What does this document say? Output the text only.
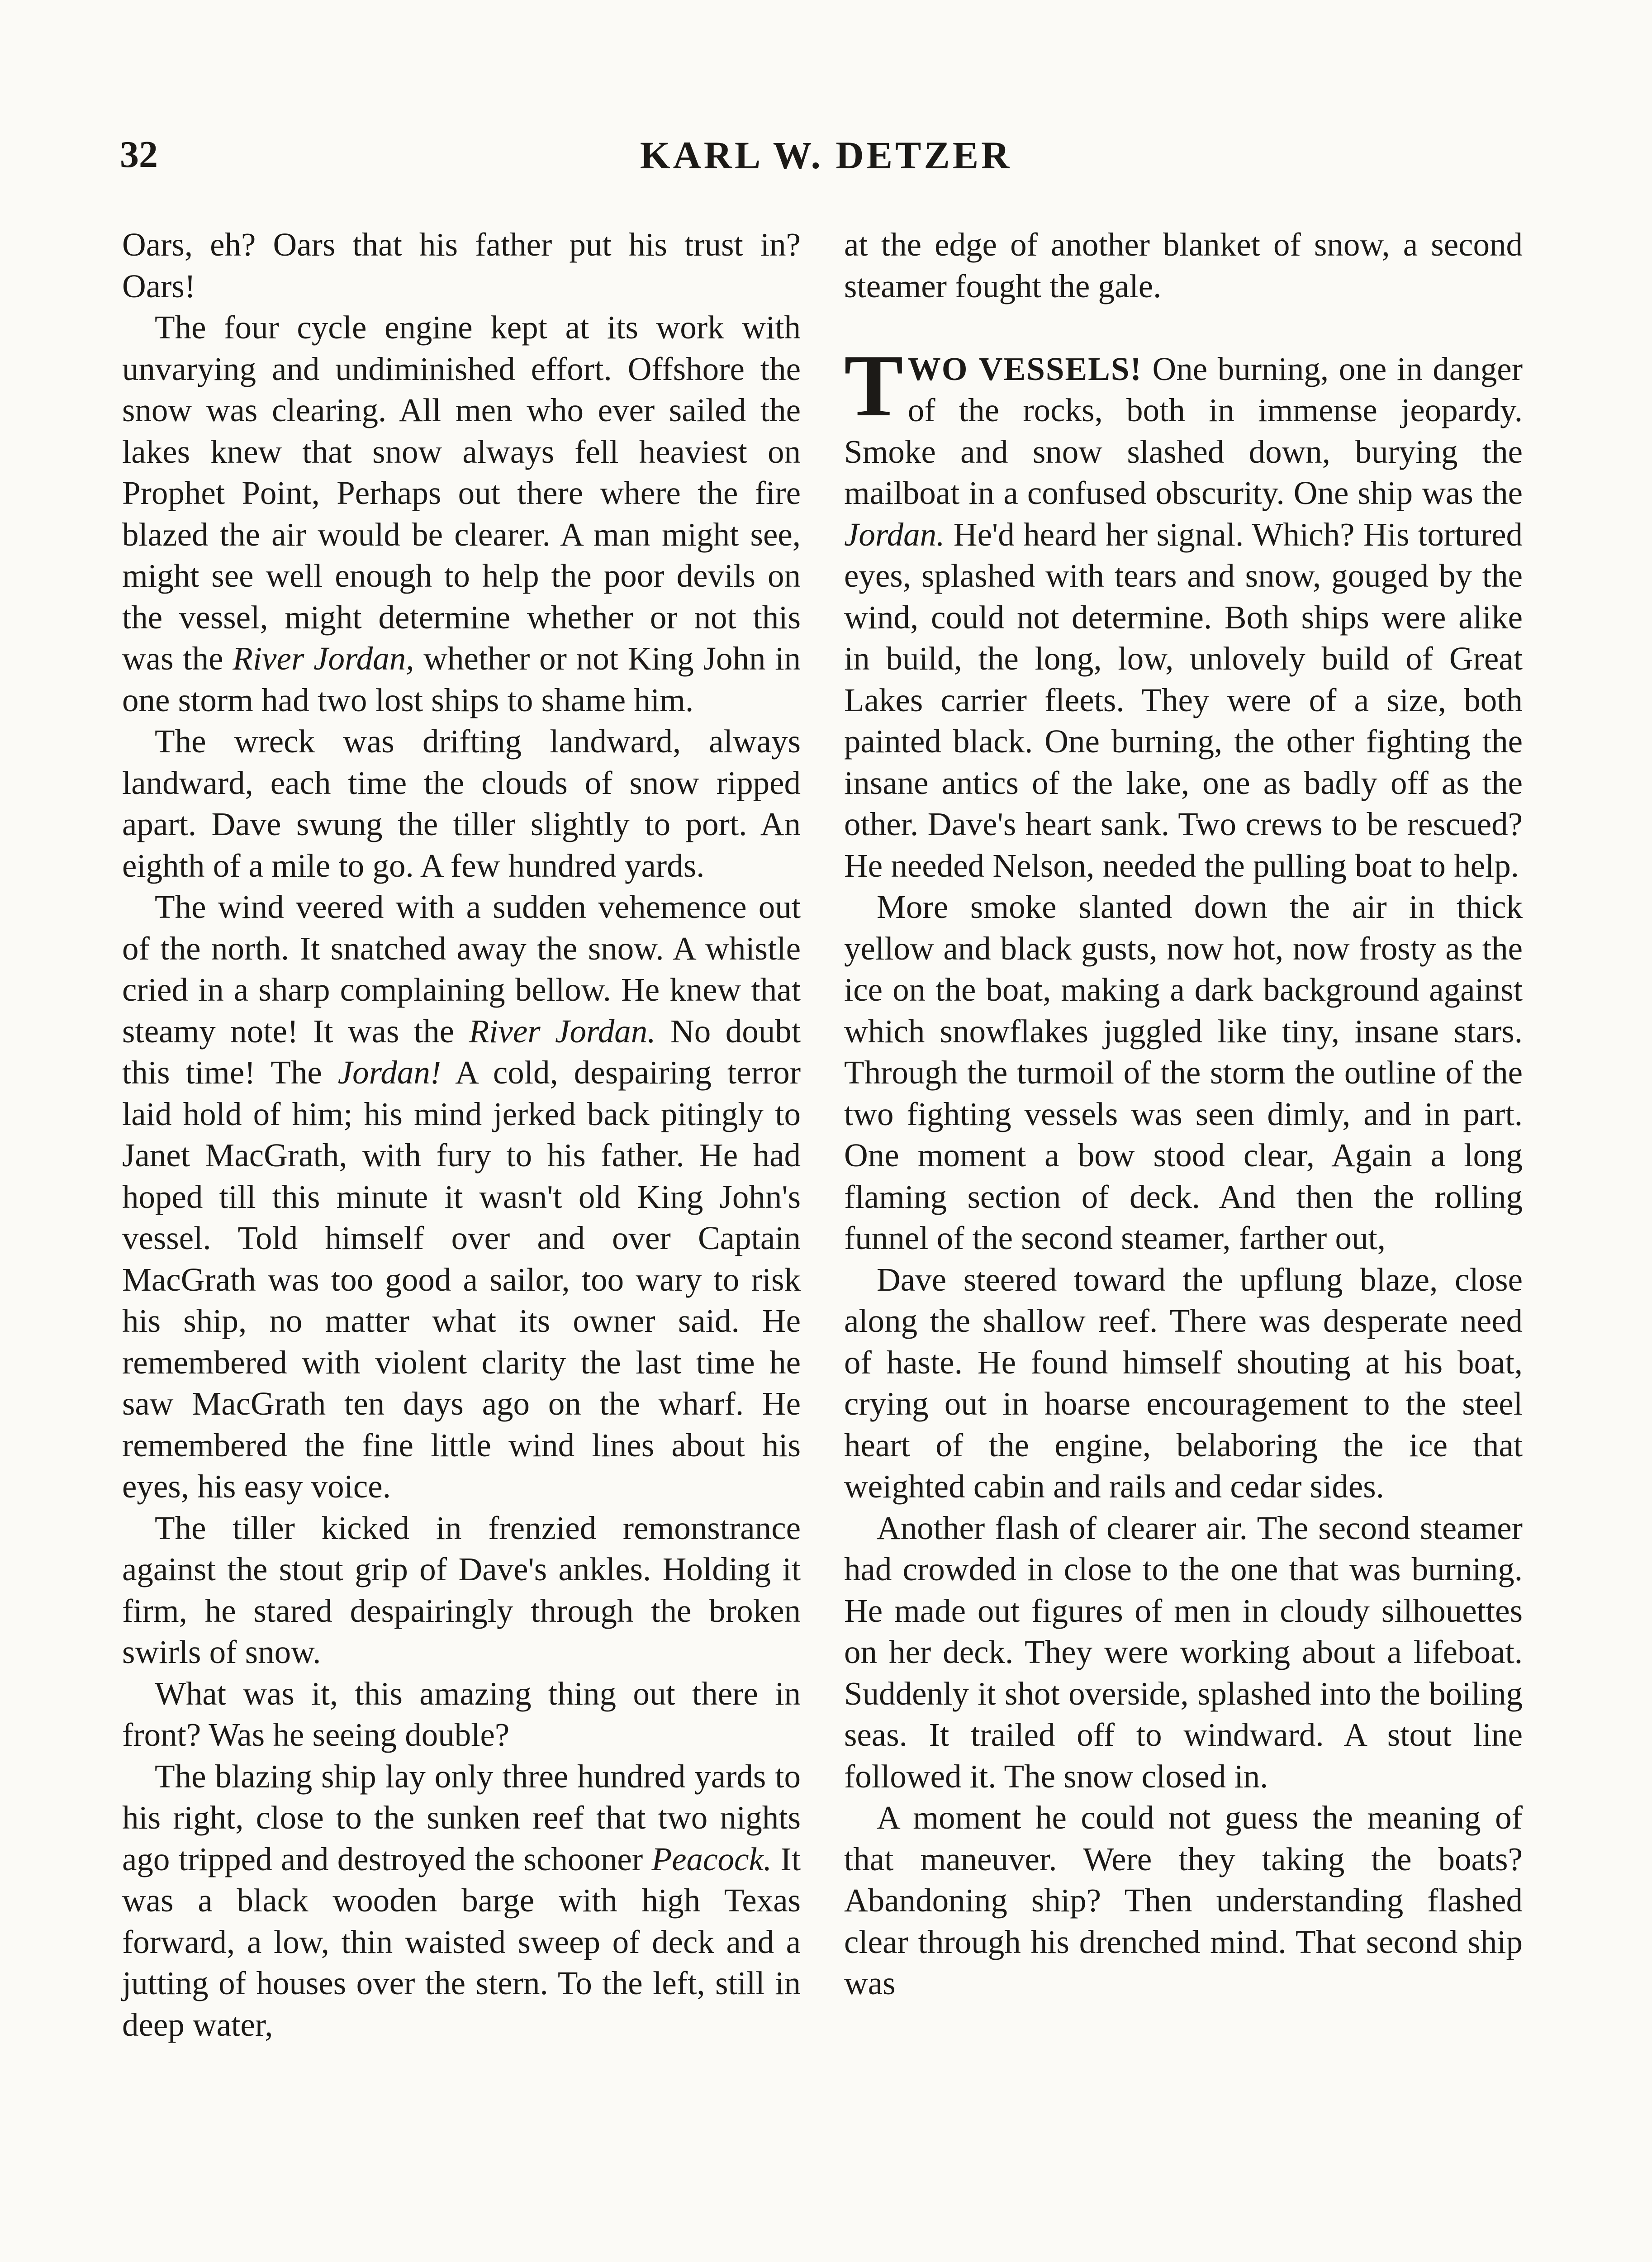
32	KARL W. DETZER

Oars, eh? Oars that his father put his trust in? Oars!

The four cycle engine kept at its work with unvarying and undiminished effort. Offshore the snow was clearing. All men who ever sailed the lakes knew that snow always fell heaviest on Prophet Point, Perhaps out there where the fire blazed the air would be clearer. A man might see, might see well enough to help the poor devils on the vessel, might determine whether or not this was the River Jordan, whether or not King John in one storm had two lost ships to shame him.

The wreck was drifting landward, always landward, each time the clouds of snow ripped apart. Dave swung the tiller slightly to port. An eighth of a mile to go. A few hundred yards.

The wind veered with a sudden vehemence out of the north. It snatched away the snow. A whistle cried in a sharp complaining bellow. He knew that steamy note! It was the River Jordan. No doubt this time! The Jordan! A cold, despairing terror laid hold of him; his mind jerked back pitingly to Janet MacGrath, with fury to his father. He had hoped till this minute it wasn't old King John's vessel. Told himself over and over Captain MacGrath was too good a sailor, too wary to risk his ship, no matter what its owner said. He remembered with violent clarity the last time he saw MacGrath ten days ago on the wharf. He remembered the fine little wind lines about his eyes, his easy voice.

The tiller kicked in frenzied remonstrance against the stout grip of Dave's ankles. Holding it firm, he stared despairingly through the broken swirls of snow.

What was it, this amazing thing out there in front? Was he seeing double?

The blazing ship lay only three hundred yards to his right, close to the sunken reef that two nights ago tripped and destroyed the schooner Peacock. It was a black wooden barge with high Texas forward, a low, thin waisted sweep of deck and a jutting of houses over the stern. To the left, still in deep water,

at the edge of another blanket of snow, a second steamer fought the gale.

TWO VESSELS! One burning, one in danger of the rocks, both in immense jeopardy. Smoke and snow slashed down, burying the mailboat in a confused obscurity. One ship was the Jordan. He'd heard her signal. Which? His tortured eyes, splashed with tears and snow, gouged by the wind, could not determine. Both ships were alike in build, the long, low, unlovely build of Great Lakes carrier fleets. They were of a size, both painted black. One burning, the other fighting the insane antics of the lake, one as badly off as the other. Dave's heart sank. Two crews to be rescued? He needed Nelson, needed the pulling boat to help.

More smoke slanted down the air in thick yellow and black gusts, now hot, now frosty as the ice on the boat, making a dark background against which snowflakes juggled like tiny, insane stars. Through the turmoil of the storm the outline of the two fighting vessels was seen dimly, and in part. One moment a bow stood clear, Again a long flaming section of deck. And then the rolling funnel of the second steamer, farther out,

Dave steered toward the upflung blaze, close along the shallow reef. There was desperate need of haste. He found himself shouting at his boat, crying out in hoarse encouragement to the steel heart of the engine, belaboring the ice that weighted cabin and rails and cedar sides.

Another flash of clearer air. The second steamer had crowded in close to the one that was burning. He made out figures of men in cloudy silhouettes on her deck. They were working about a lifeboat. Suddenly it shot overside, splashed into the boiling seas. It trailed off to windward. A stout line followed it. The snow closed in.

A moment he could not guess the meaning of that maneuver. Were they taking the boats? Abandoning ship? Then understanding flashed clear through his drenched mind. That second ship was
